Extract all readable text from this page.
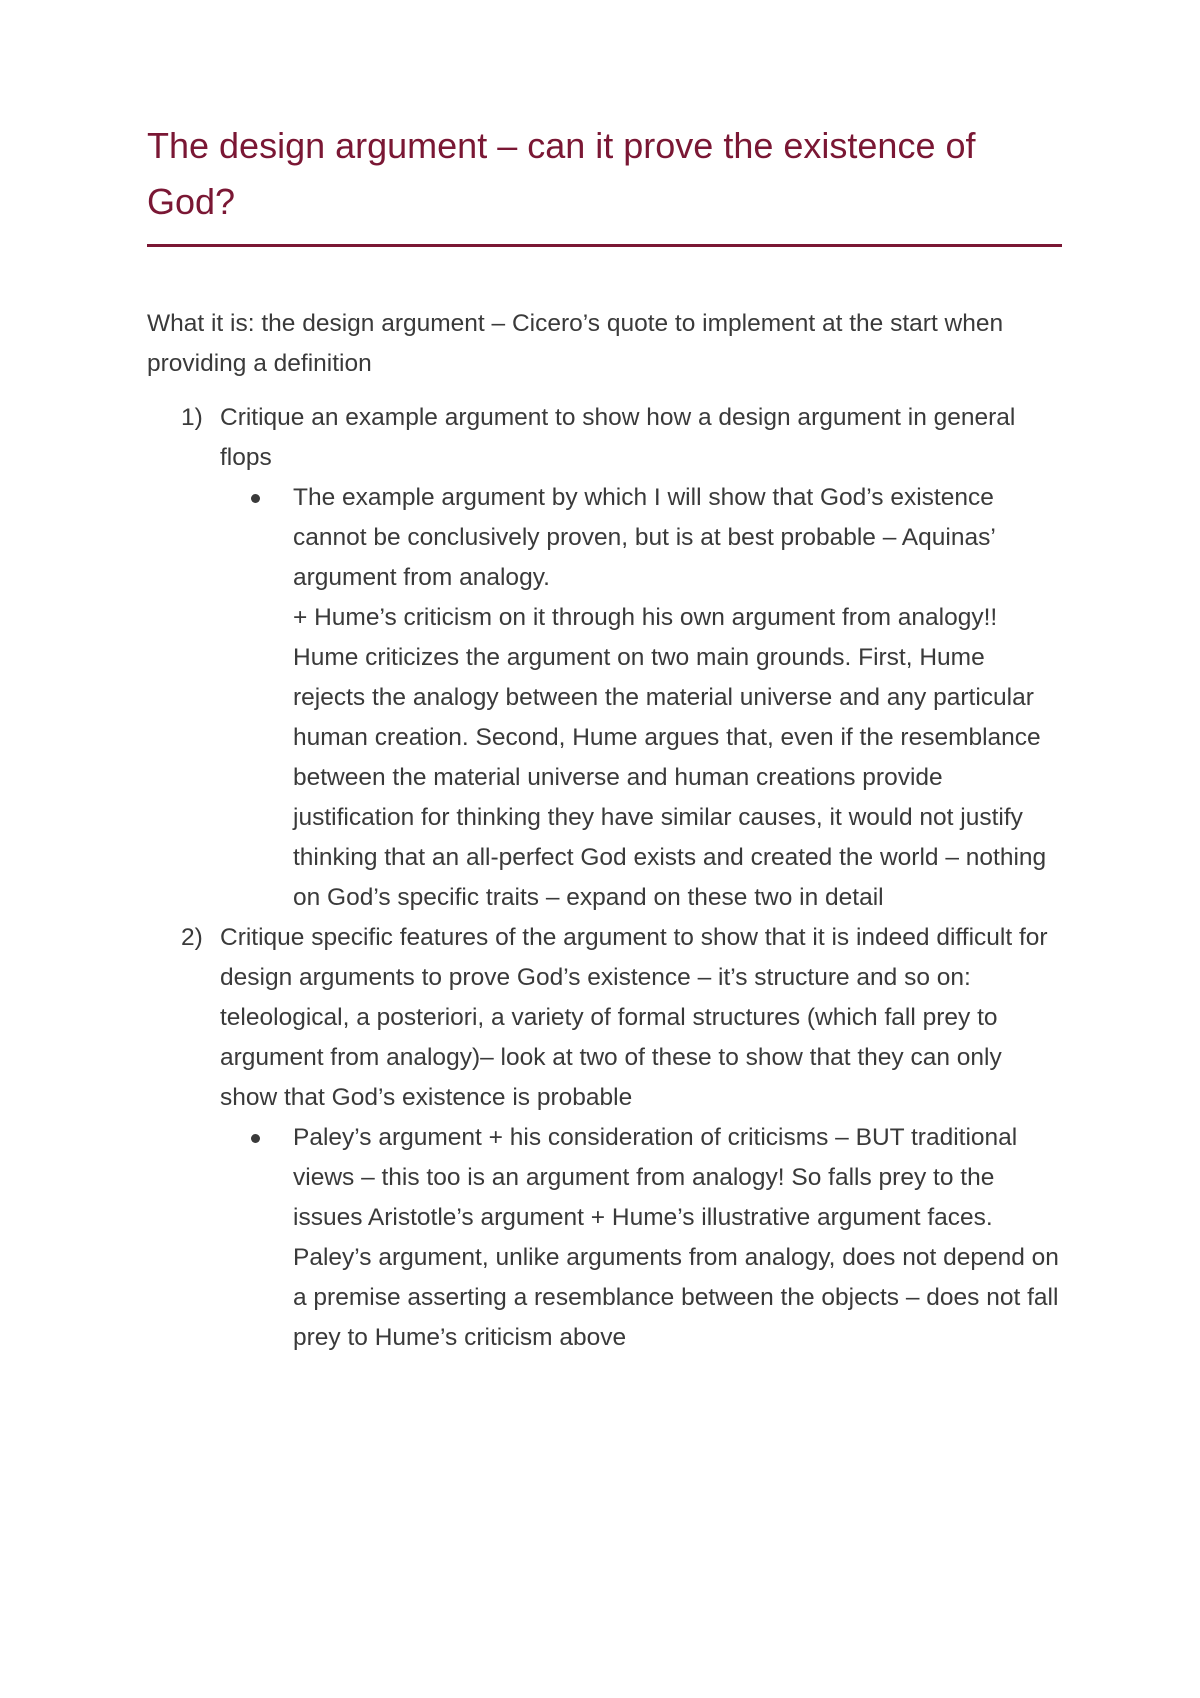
The design argument – can it prove the existence of God?

What it is: the design argument – Cicero’s quote to implement at the start when providing a definition

1) Critique an example argument to show how a design argument in general flops
The example argument by which I will show that God’s existence cannot be conclusively proven, but is at best probable – Aquinas’ argument from analogy.
+ Hume’s criticism on it through his own argument from analogy!!
Hume criticizes the argument on two main grounds. First, Hume rejects the analogy between the material universe and any particular human creation. Second, Hume argues that, even if the resemblance between the material universe and human creations provide justification for thinking they have similar causes, it would not justify thinking that an all-perfect God exists and created the world – nothing on God’s specific traits – expand on these two in detail
2) Critique specific features of the argument to show that it is indeed difficult for design arguments to prove God’s existence – it’s structure and so on: teleological, a posteriori, a variety of formal structures (which fall prey to argument from analogy)– look at two of these to show that they can only show that God’s existence is probable
Paley’s argument + his consideration of criticisms – BUT traditional views – this too is an argument from analogy! So falls prey to the issues Aristotle’s argument + Hume’s illustrative argument faces.
Paley’s argument, unlike arguments from analogy, does not depend on a premise asserting a resemblance between the objects – does not fall prey to Hume’s criticism above
